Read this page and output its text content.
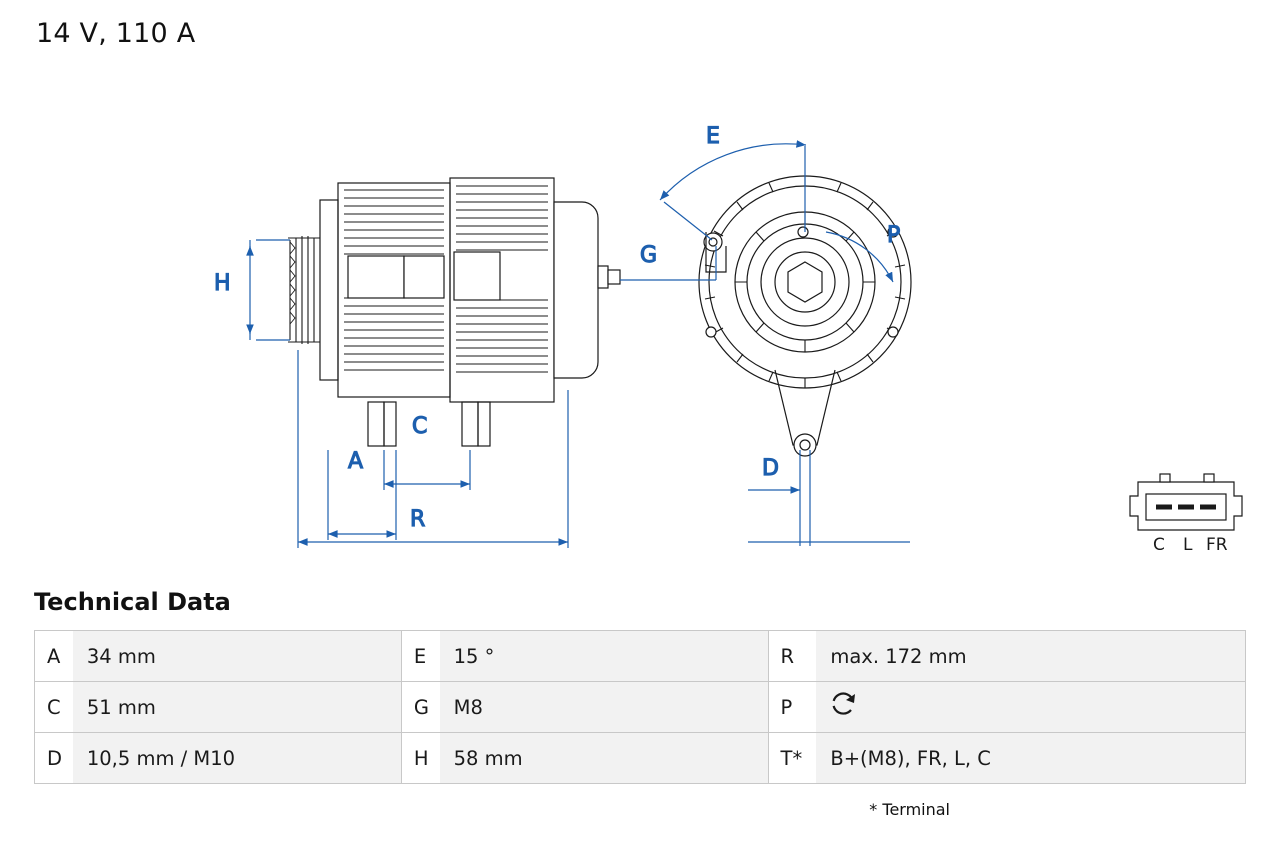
14 V, 110 A
H
C
A
R
E
G
P
D
C L FR
Technical Data
A	34 mm	E	15 °	R	max. 172 mm
C	51 mm	G	M8	P	
D	10,5 mm / M10	H	58 mm	T*	B+(M8), FR, L, C
* Terminal
